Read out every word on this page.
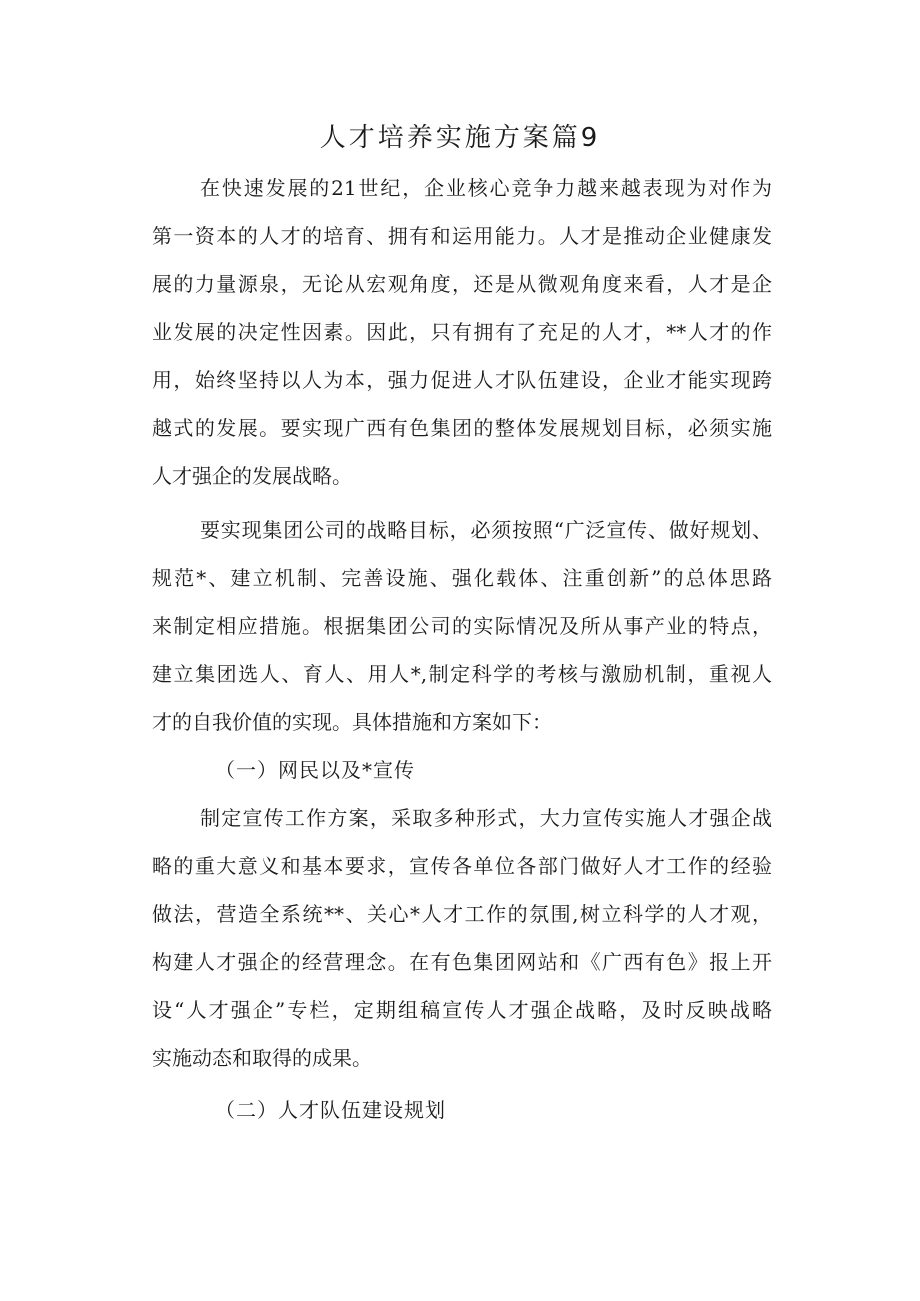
人才培养实施方案篇9

在快速发展的21世纪，企业核心竞争力越来越表现为对作为

第一资本的人才的培育、拥有和运用能力。人才是推动企业健康发

展的力量源泉，无论从宏观角度，还是从微观角度来看，人才是企

业发展的决定性因素。因此，只有拥有了充足的人才，**人才的作

用，始终坚持以人为本，强力促进人才队伍建设，企业才能实现跨

越式的发展。要实现广西有色集团的整体发展规划目标，必须实施

人才强企的发展战略。

要实现集团公司的战略目标，必须按照“广泛宣传、做好规划、

规范*、建立机制、完善设施、强化载体、注重创新”的总体思路

来制定相应措施。根据集团公司的实际情况及所从事产业的特点，

建立集团选人、育人、用人*,制定科学的考核与激励机制，重视人

才的自我价值的实现。具体措施和方案如下：

（一）网民以及*宣传

制定宣传工作方案，采取多种形式，大力宣传实施人才强企战

略的重大意义和基本要求，宣传各单位各部门做好人才工作的经验

做法，营造全系统**、关心*人才工作的氛围,树立科学的人才观，

构建人才强企的经营理念。在有色集团网站和《广西有色》报上开

设“人才强企”专栏，定期组稿宣传人才强企战略，及时反映战略

实施动态和取得的成果。

（二）人才队伍建设规划
